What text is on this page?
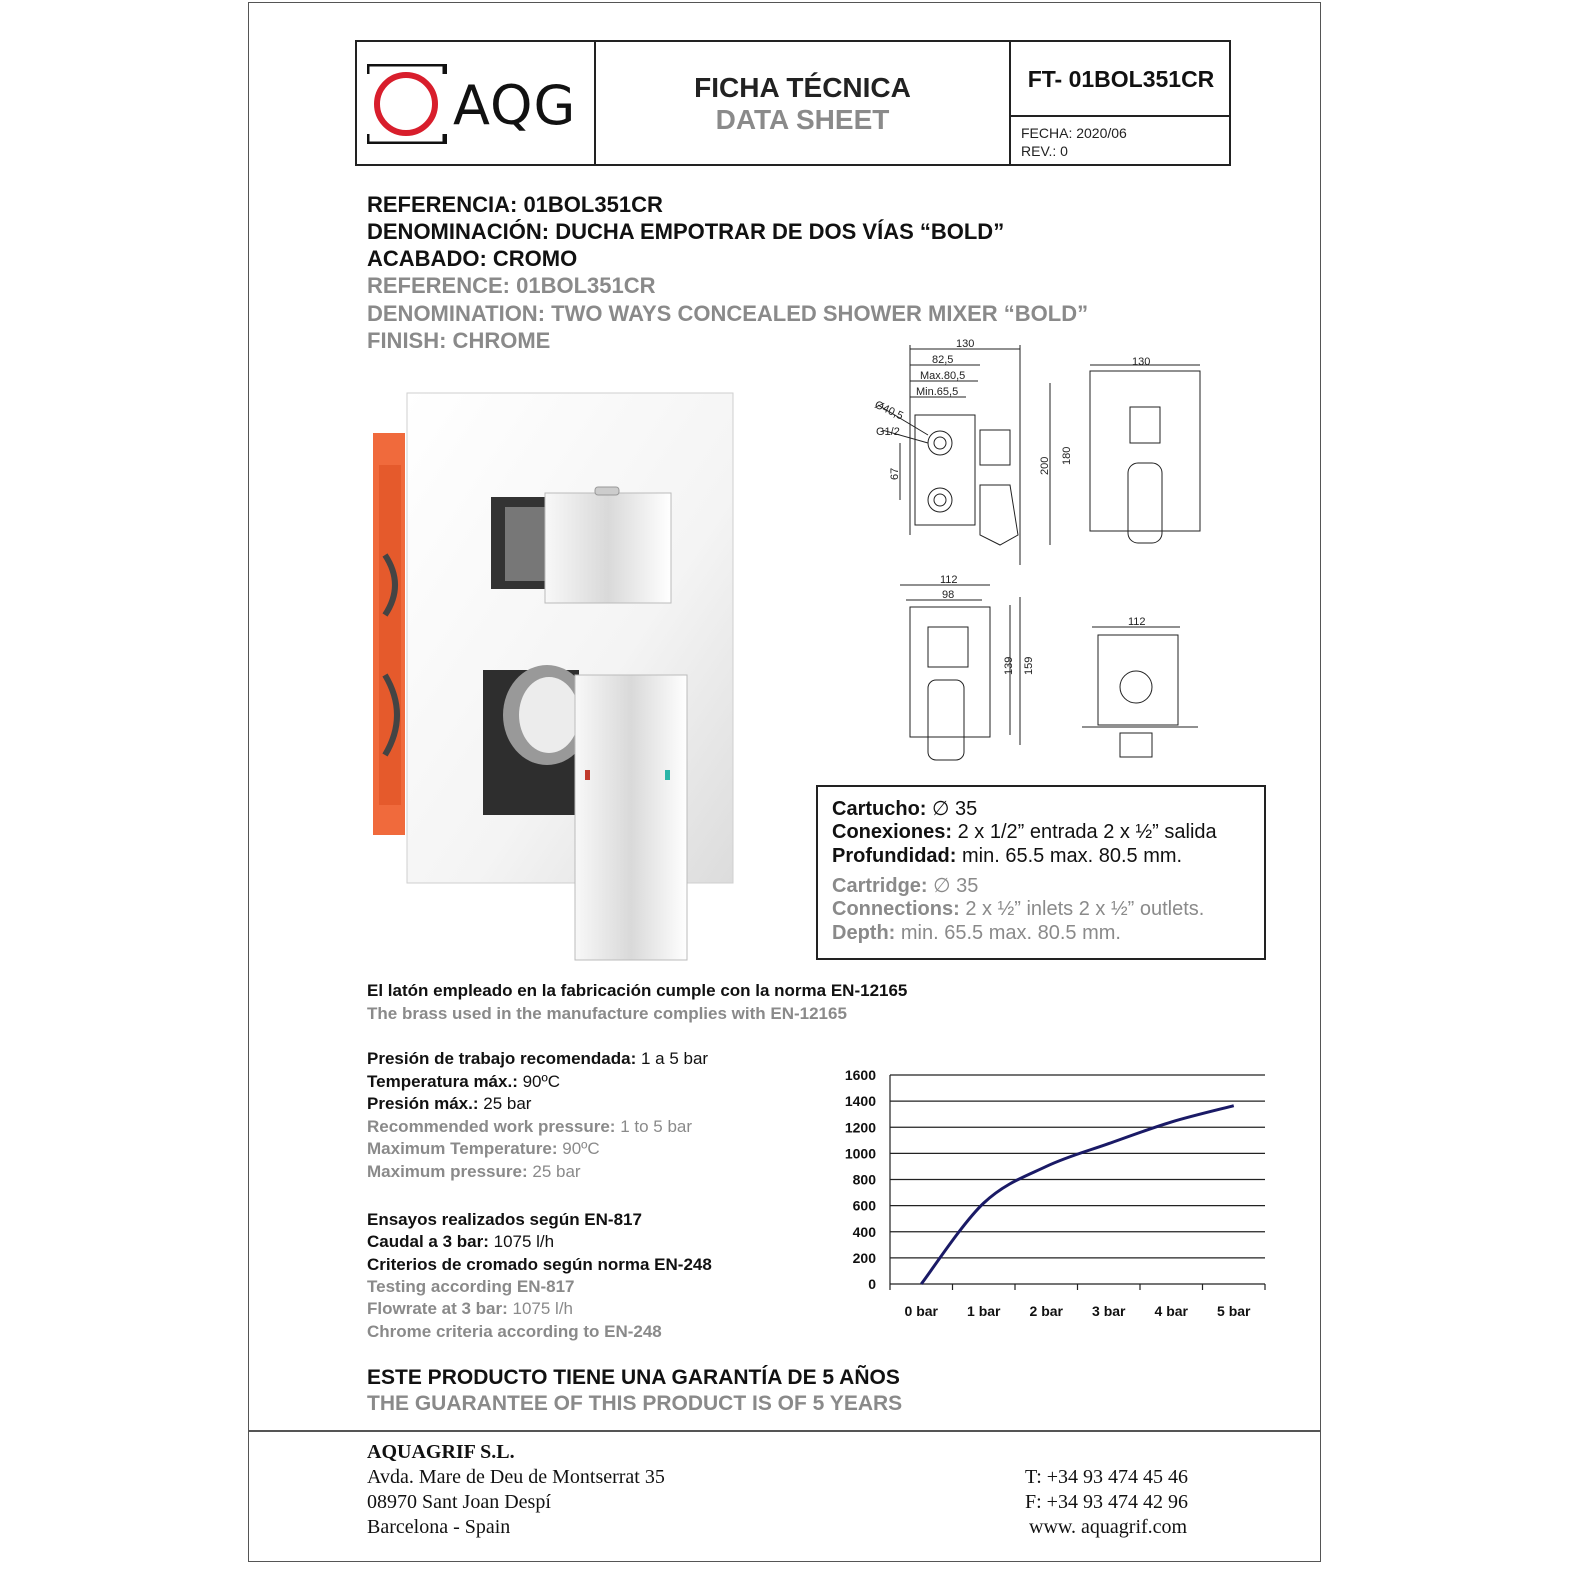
AQG	FICHA TÉCNICA
DATA SHEET
FT- 01BOL351CR
FECHA: 2020/06
REV.: 0
REFERENCIA: 01BOL351CR
DENOMINACIÓN: DUCHA EMPOTRAR DE DOS VÍAS “BOLD”
ACABADO: CROMO
REFERENCE: 01BOL351CR
DENOMINATION: TWO WAYS CONCEALED SHOWER MIXER “BOLD”
FINISH: CHROME	130
82,5
Max.80,5
Min.65,5
Ø40,5
G1/2
67
130
200
180
112
98
139 159
112
Cartucho: ∅ 35
Conexiones: 2 x 1/2” entrada 2 x ½” salida
Profundidad: min. 65.5 max. 80.5 mm.
Cartridge: ∅ 35
Connections: 2 x ½” inlets 2 x ½” outlets.
Depth: min. 65.5 max. 80.5 mm.
El latón empleado en la fabricación cumple con la norma EN-12165
The brass used in the manufacture complies with EN-12165
Presión de trabajo recomendada: 1 a 5 bar
Temperatura máx.: 90ºC
Presión máx.: 25 bar
Recommended work pressure: 1 to 5 bar
Maximum Temperature: 90ºC
Maximum pressure: 25 bar
Ensayos realizados según EN-817
Caudal a 3 bar: 1075 l/h
Criterios de cromado según norma EN-248
Testing according EN-817
Flowrate at 3 bar: 1075 l/h
Chrome criteria according to EN-248
0
200
400
600
800
1000
1200
1400
1600
0 bar 1 bar 2 bar 3 bar 4 bar 5 bar
ESTE PRODUCTO TIENE UNA GARANTÍA DE 5 AÑOS
THE GUARANTEE OF THIS PRODUCT IS OF 5 YEARS
AQUAGRIF S.L.
Avda. Mare de Deu de Montserrat 35
08970 Sant Joan Despí
Barcelona - Spain
T: +34 93 474 45 46
F: +34 93 474 42 96
www. aquagrif.com
